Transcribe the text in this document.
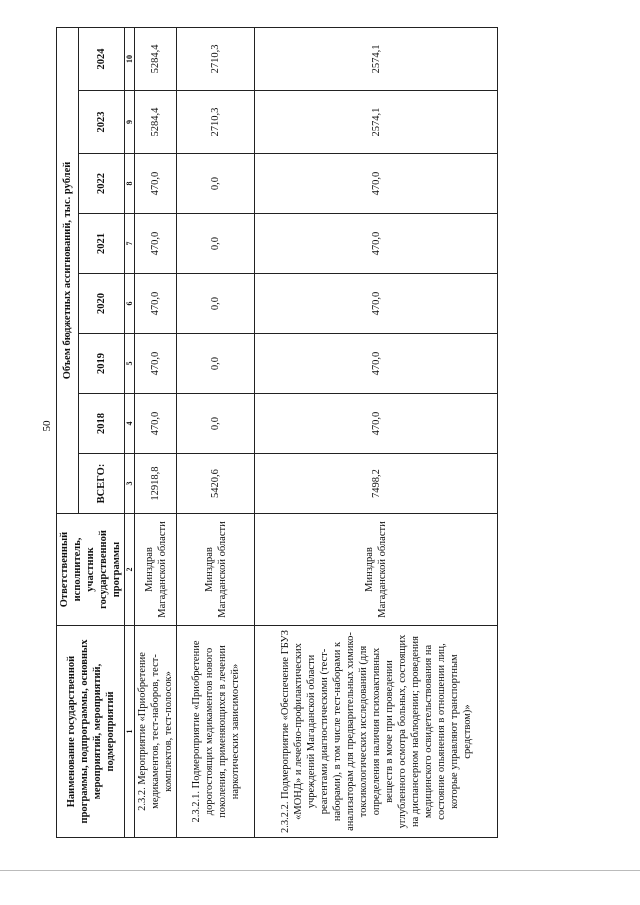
50
Наименование государственной программы, подпрограммы, основных мероприятий, мероприятий, подмероприятий	Ответственный исполнитель, участник государственной программы	Объем бюджетных ассигнований, тыс. рублей							
		ВСЕГО:	2018	2019	2020	2021	2022	2023	2024
1	2	3	4	5	6	7	8	9	10
2.3.2. Мероприятие «Приобретение медикаментов, тест-наборов, тест-комплектов, тест-полосок»	Минздрав Магаданской области	12918,8	470,0	470,0	470,0	470,0	470,0	5284,4	5284,4
2.3.2.1. Подмероприятие «Приобретение дорогостоящих медикаментов нового поколения, применяющихся в лечении наркотических зависимостей»	Минздрав Магаданской области	5420,6	0,0	0,0	0,0	0,0	0,0	2710,3	2710,3
2.3.2.2. Подмероприятие «Обеспечение ГБУЗ «МОНД» и лечебно-профилактических учреждений Магаданской области реагентами диагностическими (тест-наборами), в том числе тест-наборами к анализаторам для предварительных химико-токсикологических исследований (для определения наличия психоактивных веществ в моче при проведении углубленного осмотра больных, состоящих на диспансерном наблюдении; проведения медицинского освидетельствования на состояние опьянения в отношении лиц, которые управляют транспортным средством)»	Минздрав Магаданской области	7498,2	470,0	470,0	470,0	470,0	470,0	2574,1	2574,1
